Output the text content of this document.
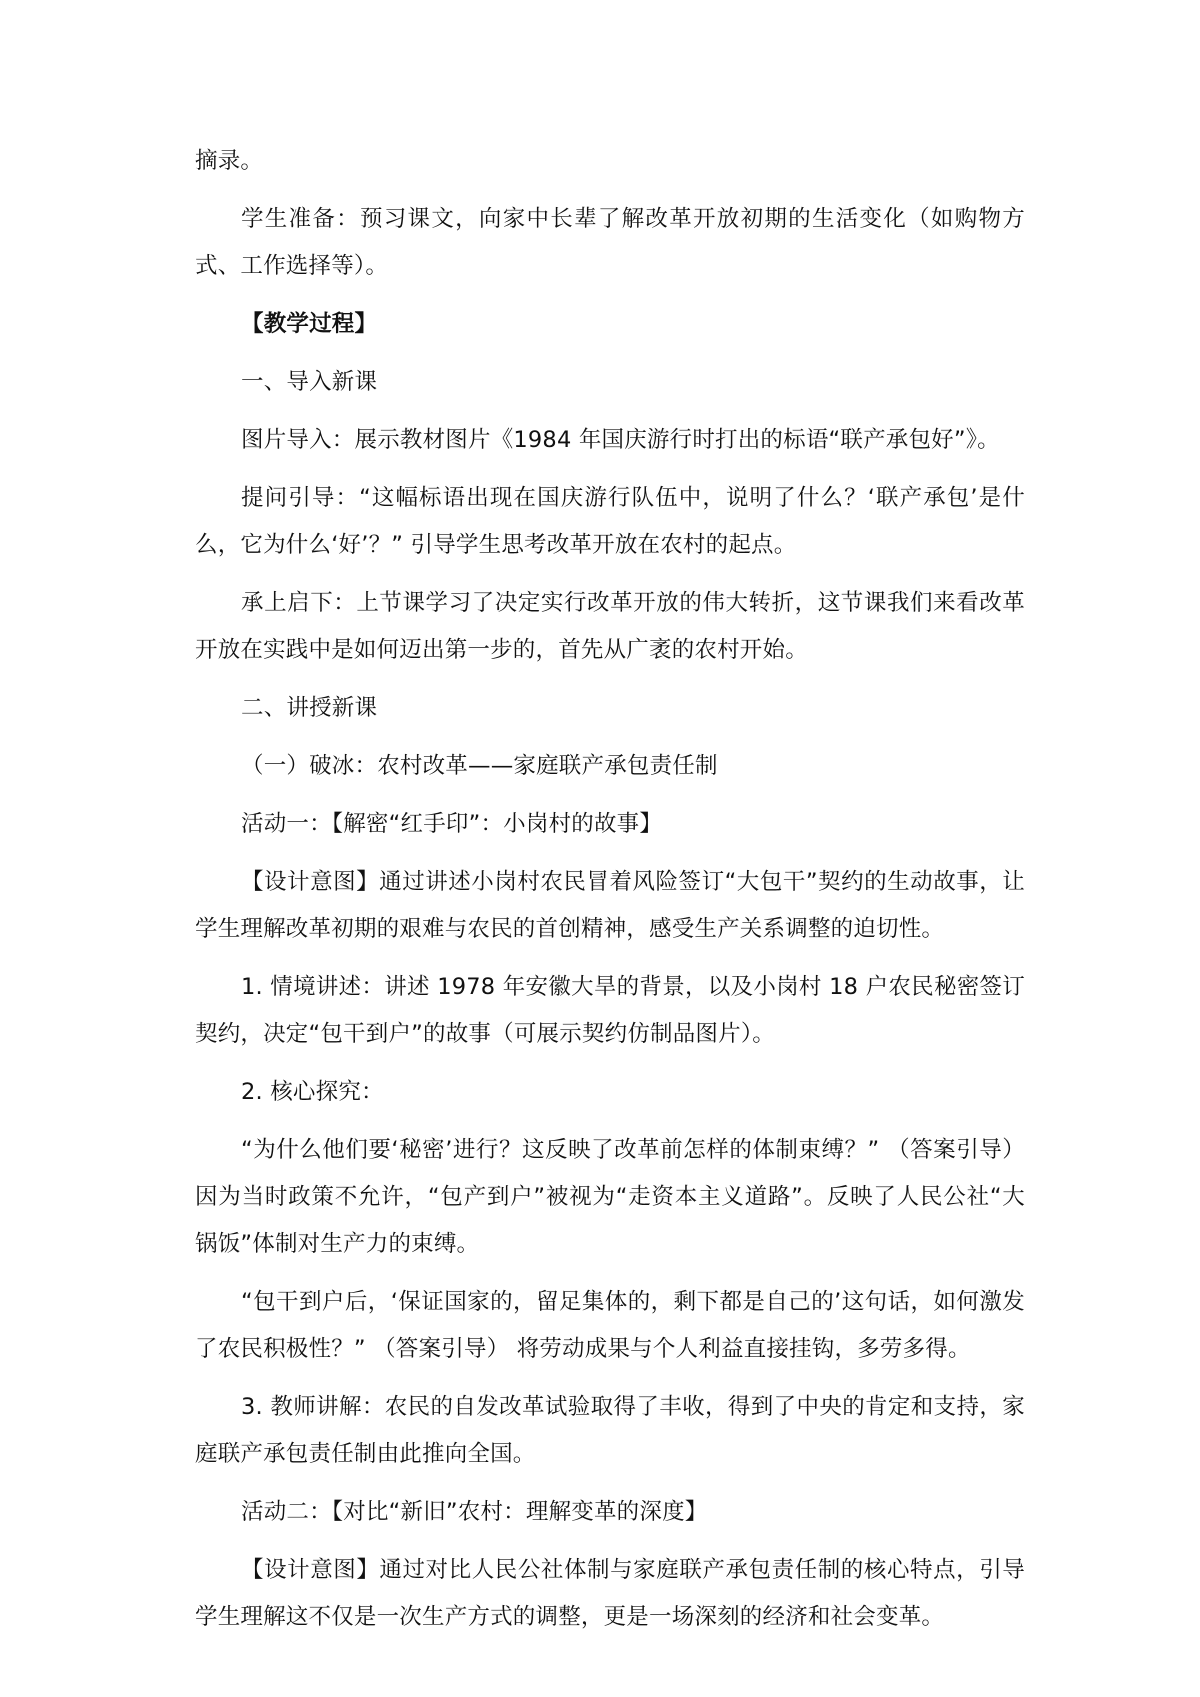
摘录。

学生准备：预习课文，向家中长辈了解改革开放初期的生活变化（如购物方式、工作选择等）。

【教学过程】

一、导入新课

图片导入：展示教材图片《1984 年国庆游行时打出的标语“联产承包好”》。

提问引导：“这幅标语出现在国庆游行队伍中，说明了什么？‘联产承包’是什么，它为什么‘好’？” 引导学生思考改革开放在农村的起点。

承上启下：上节课学习了决定实行改革开放的伟大转折，这节课我们来看改革开放在实践中是如何迈出第一步的，首先从广袤的农村开始。

二、讲授新课

（一）破冰：农村改革——家庭联产承包责任制

活动一：【解密“红手印”：小岗村的故事】

【设计意图】通过讲述小岗村农民冒着风险签订“大包干”契约的生动故事，让学生理解改革初期的艰难与农民的首创精神，感受生产关系调整的迫切性。

1. 情境讲述：讲述 1978 年安徽大旱的背景，以及小岗村 18 户农民秘密签订契约，决定“包干到户”的故事（可展示契约仿制品图片）。

2. 核心探究：

“为什么他们要‘秘密’进行？这反映了改革前怎样的体制束缚？” （答案引导） 因为当时政策不允许，“包产到户”被视为“走资本主义道路”。反映了人民公社“大锅饭”体制对生产力的束缚。

“包干到户后，‘保证国家的，留足集体的，剩下都是自己的’这句话，如何激发了农民积极性？” （答案引导） 将劳动成果与个人利益直接挂钩，多劳多得。

3. 教师讲解：农民的自发改革试验取得了丰收，得到了中央的肯定和支持，家庭联产承包责任制由此推向全国。

活动二：【对比“新旧”农村：理解变革的深度】

【设计意图】通过对比人民公社体制与家庭联产承包责任制的核心特点，引导学生理解这不仅是一次生产方式的调整，更是一场深刻的经济和社会变革。
